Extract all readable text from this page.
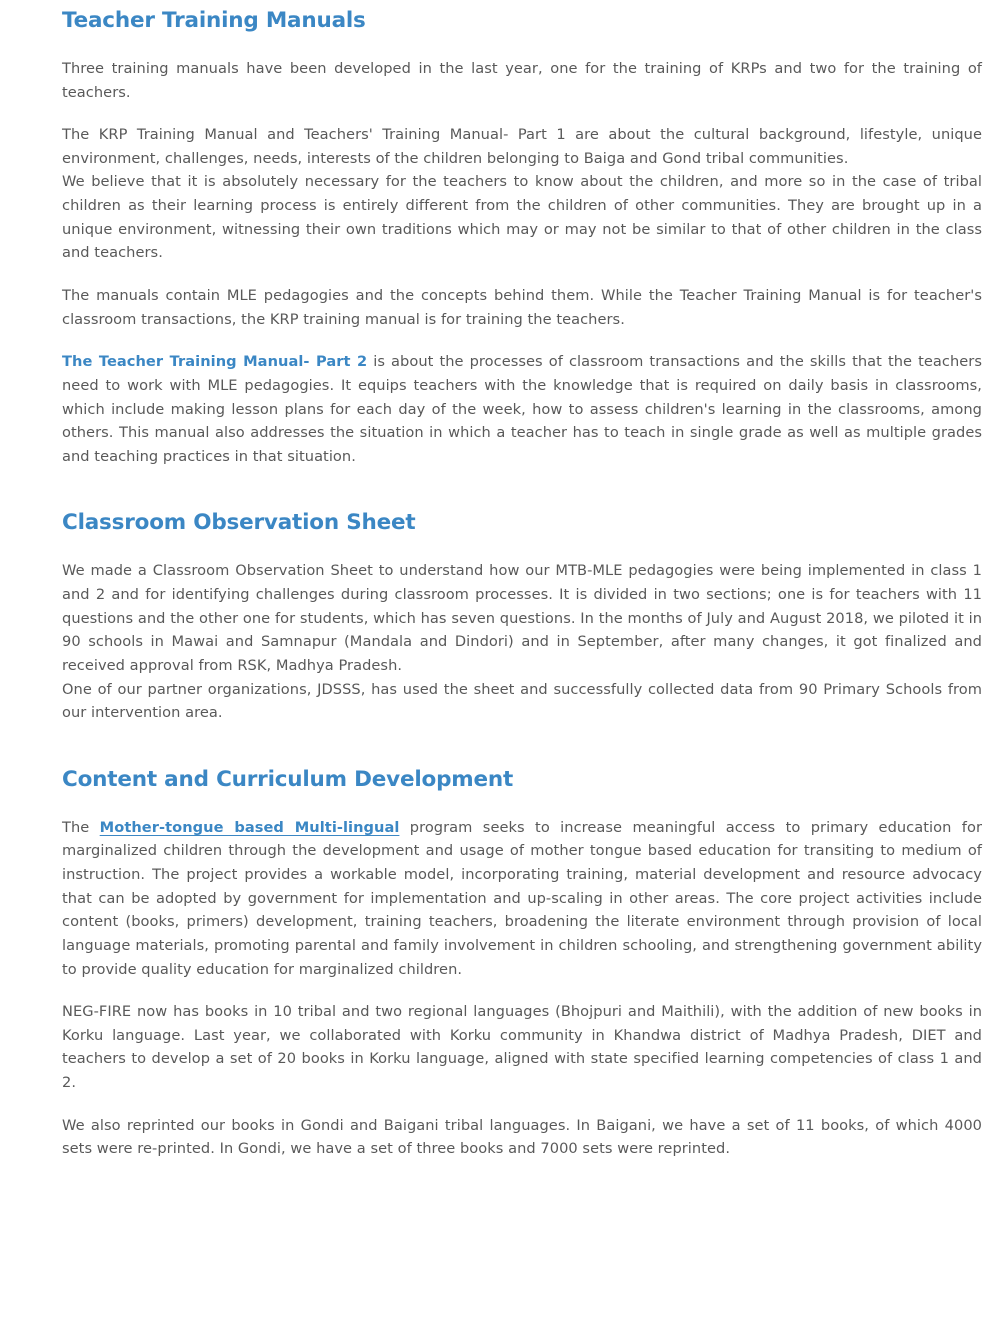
Teacher Training Manuals

Three training manuals have been developed in the last year, one for the training of KRPs and two for the training of teachers.

The KRP Training Manual and Teachers' Training Manual- Part 1 are about the cultural background, lifestyle, unique environment, challenges, needs, interests of the children belonging to Baiga and Gond tribal communities.

We believe that it is absolutely necessary for the teachers to know about the children, and more so in the case of tribal children as their learning process is entirely different from the children of other communities. They are brought up in a unique environment, witnessing their own traditions which may or may not be similar to that of other children in the class and teachers.

The manuals contain MLE pedagogies and the concepts behind them. While the Teacher Training Manual is for teacher's classroom transactions, the KRP training manual is for training the teachers.

The Teacher Training Manual- Part 2 is about the processes of classroom transactions and the skills that the teachers need to work with MLE pedagogies. It equips teachers with the knowledge that is required on daily basis in classrooms, which include making lesson plans for each day of the week, how to assess children's learning in the classrooms, among others. This manual also addresses the situation in which a teacher has to teach in single grade as well as multiple grades and teaching practices in that situation.

Classroom Observation Sheet

We made a Classroom Observation Sheet to understand how our MTB-MLE pedagogies were being implemented in class 1 and 2 and for identifying challenges during classroom processes. It is divided in two sections; one is for teachers with 11 questions and the other one for students, which has seven questions. In the months of July and August 2018, we piloted it in 90 schools in Mawai and Samnapur (Mandala and Dindori) and in September, after many changes, it got finalized and received approval from RSK, Madhya Pradesh.

One of our partner organizations, JDSSS, has used the sheet and successfully collected data from 90 Primary Schools from our intervention area.

Content and Curriculum Development

The Mother-tongue based Multi-lingual program seeks to increase meaningful access to primary education for marginalized children through the development and usage of mother tongue based education for transiting to medium of instruction. The project provides a workable model, incorporating training, material development and resource advocacy that can be adopted by government for implementation and up-scaling in other areas. The core project activities include content (books, primers) development, training teachers, broadening the literate environment through provision of local language materials, promoting parental and family involvement in children schooling, and strengthening government ability to provide quality education for marginalized children.

NEG-FIRE now has books in 10 tribal and two regional languages (Bhojpuri and Maithili), with the addition of new books in Korku language. Last year, we collaborated with Korku community in Khandwa district of Madhya Pradesh, DIET and teachers to develop a set of 20 books in Korku language, aligned with state specified learning competencies of class 1 and 2.

We also reprinted our books in Gondi and Baigani tribal languages. In Baigani, we have a set of 11 books, of which 4000 sets were re-printed. In Gondi, we have a set of three books and 7000 sets were reprinted.
